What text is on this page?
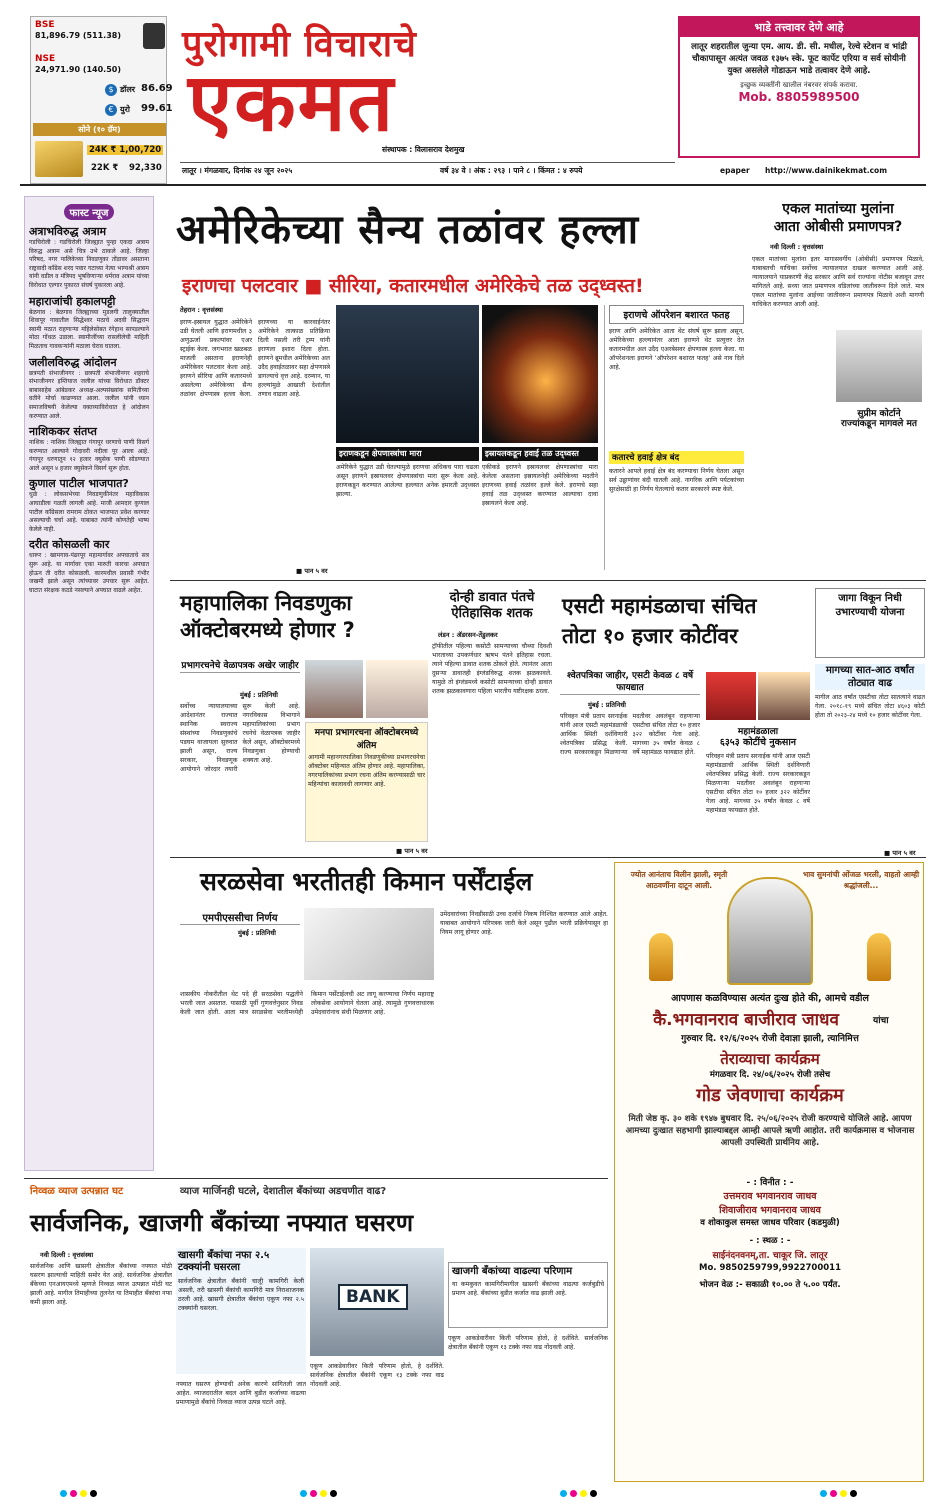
BSE
81,896.79 (511.38)
NSE
24,971.90 (140.50)
$ डॉलर 86.69
€ युरो 99.61
सोने (१० ग्रॅम)
24K ₹ 1,00,720
22K ₹ 92,330
पुरोगामी विचाराचे
एकमत
संस्थापक : विलासराव देशमुख
लातूर । मंगळवार, दिनांक २४ जून २०२५	वर्ष ३४ वे । अंक : २९३ । पाने ८ । किंमत : ४ रुपये	epaper http://www.dainikekmat.com
भाडे तत्त्वावर देणे आहे
लातूर शहरातील जुन्या एम. आय. डी. सी. मधील, रेल्वे स्टेशन व भांद्री चौकापासून अत्यंत जवळ १३७५ स्के. फूट कार्पेट एरिया व सर्व सोयीनी युक्त असलेले गोडाऊन भाडे तत्वावर देणे आहे.
इच्छुक व्यक्तींनी खालील नंबरवर संपर्क करावा.
Mob. 8805989500
फास्ट न्यूज
अत्राभविरुद्ध अत्राम

गडचिरोली : गडचिरोली जिल्ह्यात पुन्हा एकदा अत्राम विरुद्ध अत्राम असे चित्र उभे ठाकले आहे. जिल्हा परिषद, नगर पालिकेच्या निवडणुका तोंडावर असताना राष्ट्रवादी काँग्रेस शरद पवार गटाच्या नेत्या भाग्यश्री अत्राम यांनी वडील व मंत्रिपद भूषविणाऱ्या धर्मराव अत्राम यांच्या विरोधात एल्गार पुकारत संघर्ष पुकारला आहे.

महाराजांची हकालपट्टी

बेळगाव : बेळगाव जिल्ह्याच्या मुडलगी तालुक्यातील शिवापूर गावातील सिद्धेश्वर मठाचे अदवी सिद्धराम स्वामी मठात राहणाऱ्या महिलेसोबत रंगेहाथ सापडल्याने मोठा गोंधळ उडाला. स्वामीजींच्या रासलीलेची माहिती मिळताच गावकऱ्यांनी मठाला घेराव घातला.

जलीलविरुद्ध आंदोलन

छत्रपती संभाजीनगर : छत्रपती संभाजीनगर शहराचे संभाजीनगर इम्तियाज जलील यांच्या विरोधात डॉक्टर बाबासाहेब आंबेडकर अध्यक्ष-अल्पसंख्यांक समितीच्या वतीने मोर्चा काढण्यात आला. जलील यांनी ध्यान समाजविषयी केलेल्या वक्तव्याविरोधात हे आंदोलन करण्यात आले.

नाशिककर संतप्त

नाशिक : नाशिक जिल्ह्यात गंगापूर धरणाचे पाणी विसर्ग करण्यात आल्याने गोदावरी नदीला पूर आला आहे. गंगापूर धरणातून १२ हजार क्युसेक पाणी सोडण्यात आले असून ४ हजार क्युसेकने विसर्ग सुरू होता.

कुणाल पाटील भाजपात?

धुळे : लोकसभेच्या निवडणुकीनंतर महाविकास आघाडीला गळती लागली आहे. माजी आमदार कुणाल पाटील काँग्रेसला रामराम ठोकत भाजपात प्रवेश करणार असल्याची चर्चा आहे. याबाबत त्यांनी कोणतेही भाष्य केलेले नाही.

दरीत कोसळली कार

धारूर : खामगाव-पंढरपूर महामार्गावर अपघाताचे सत्र सुरू आहे. या मार्गावर एका मारुती कारचा अपघात होऊन ती दरीत कोसळली. कारमधील प्रवासी गंभीर जखमी झाले असून त्यांच्यावर उपचार सुरू आहेत. घाटात संरक्षक कठडे नसल्याने अपघात वाढले आहेत.

अमेरिकेच्या सैन्य तळांवर हल्ला
इराणचा पलटवार ■ सीरिया, कतारमधील अमेरिकेचे तळ उद्ध्वस्त!
तेहरान : वृत्तसंस्था
इराण-इस्रायल युद्धात अमेरिकेने उडी घेतली आणि इराणमधील ३ अणुऊर्जा प्रकल्पांवर एअर स्ट्राईक केला. जगभरात खळबळ माजली असताना इराणनेही अमेरिकेवर पलटवार केला आहे. इराणने सीरिया आणि कतारमध्ये असलेल्या अमेरिकेच्या सैन्य तळांवर क्षेपणास्त्र हल्ला केला. इराणच्या या कारवाईनंतर अमेरिकेने तात्काळ प्रतिक्रिया दिली नसली तरी ट्रम्प यांनी इराणला इशारा दिला होता. इराणने ब्रूमधील अमेरिकेच्या अल उदैद हवाईतळावर सहा क्षेपणास्त्रे डागल्याचे वृत्त आहे. दरम्यान, या हल्ल्यांमुळे आखाती देशांतील तणाव वाढला आहे.
■ पान ५ वर
इराणकडून क्षेपणास्त्रांचा मारा
अमेरिकेने युद्धात उडी घेतल्यामुळे इराणचा अधिकच पारा चढला असून इराणने इस्रायलवर क्षेपणास्त्रांचा मारा सुरू केला आहे. इराणकडून करण्यात आलेल्या हल्ल्यात अनेक इमारती उद्ध्वस्त झाल्या.
इस्रायलकडून हवाई तळ उद्ध्वस्त
एकीकडे इराणने इस्रायलवर क्षेपणास्त्रांचा मारा केलेला असताना इस्रायलनेही अमेरिकेच्या मदतीने इराणच्या हवाई तळांवर हल्ले केले. इराणचे सहा हवाई तळ उद्ध्वस्त करण्यात आल्याचा दावा इस्रायलने केला आहे.
इराणचे ऑपरेशन बशारत फतह
इराण आणि अमेरिकेत आता थेट संघर्ष सुरू झाला असून, अमेरिकेच्या हल्ल्यानंतर आता इराणने थेट प्रत्युत्तर देत कतारमधील अल उदैद एअरबेसवर क्षेपणास्त्र हल्ला केला. या ऑपरेशनला इराणने ‘ऑपरेशन बशारत फतह’ असे नाव दिले आहे.
कतारचे हवाई क्षेत्र बंद
कतारने आपले हवाई क्षेत्र बंद करण्याचा निर्णय घेतला असून सर्व उड्डाणांवर बंदी घातली आहे. नागरिक आणि पर्यटकांच्या सुरक्षेसाठी हा निर्णय घेतल्याचे कतार सरकारने स्पष्ट केले.
एकल मातांच्या मुलांना
आता ओबीसी प्रमाणपत्र?
नवी दिल्ली : वृत्तसंस्था
एकल मातांच्या मुलांना इतर मागासवर्गीय (ओबीसी) प्रमाणपत्र मिळावे, याबाबतची याचिका सर्वोच्च न्यायालयात दाखल करण्यात आली आहे. न्यायालयाने याप्रकरणी केंद्र सरकार आणि सर्व राज्यांना नोटीस बजावून उत्तर मागितले आहे. सध्या जात प्रमाणपत्र वडिलांच्या जातीवरून दिले जाते. मात्र एकल मातांच्या मुलांना आईच्या जातीवरून प्रमाणपत्र मिळावे अशी मागणी याचिकेत करण्यात आली आहे.
सुप्रीम कोर्टाने
राज्यांकडून मागवले मत
महापालिका निवडणुका ऑक्टोबरमध्ये होणार ?
प्रभागरचनेचे वेळापत्रक अखेर जाहीर
मुंबई : प्रतिनिधी
सर्वोच्च न्यायालयाच्या आदेशानंतर राज्यात स्थानिक स्वराज्य संस्थांच्या निवडणुकांचे पडघम वाजायला सुरुवात झाली असून, राज्य सरकार, निवडणूक आयोगाने जोरदार तयारी सुरू केली आहे. नगरविकास विभागाने महापालिकांच्या प्रभाग रचनेचे वेळापत्रक जाहीर केले असून, ऑक्टोबरमध्ये निवडणुका होण्याची शक्यता आहे.
मनपा प्रभागरचना ऑक्टोबरमध्ये अंतिम
आगामी महानगरपालिका निवडणुकीच्या प्रभागरचनेचा ऑक्टोबर महिन्यात अंतिम होणार आहे. महापालिका, नगरपालिकांच्या प्रभाग रचना अंतिम करण्यासाठी चार महिन्यांचा कालावधी लागणार आहे.
■ पान ५ वर
दोन्ही डावात पंतचे ऐतिहासिक शतक
लंडन : ॲडरसन-तेंडुलकर
ट्रॉफीतील पहिल्या कसोटी सामन्याच्या चौथ्या दिवशी भारताच्या उपकर्णधार ऋषभ पंतने इतिहास रचला. त्याने पहिल्या डावात शतक ठोकले होते. त्यानंतर आता दुसऱ्या डावातही इंग्लंडविरुद्ध शतक झळकावले. यामुळे तो इंग्लंडमध्ये कसोटी सामन्याच्या दोन्ही डावात शतक झळकावणारा पहिला भारतीय यष्टीरक्षक ठरला.
एसटी महामंडळाचा संचित
तोटा १० हजार कोटींवर
श्वेतपत्रिका जाहीर, एसटी केवळ ८ वर्षे फायद्यात
मुंबई : प्रतिनिधी
परिवहन मंत्री प्रताप सरनाईक यांनी आज एसटी महामंडळाची आर्थिक स्थिती दर्शविणारी श्वेतपत्रिका प्रसिद्ध केली. राज्य सरकारकडून मिळणाऱ्या मदतीवर अवलंबून राहणाऱ्या एसटीचा संचित तोटा १० हजार ३२२ कोटींवर गेला आहे. मागच्या ३५ वर्षांत केवळ ८ वर्षे महामंडळ फायद्यात होते.
महामंडळाला
६३५३ कोटींचे नुकसान
परिवहन मंत्री प्रताप सरनाईक यांनी आज एसटी महामंडळाची आर्थिक स्थिती दर्शविणारी श्वेतपत्रिका प्रसिद्ध केली. राज्य सरकारकडून मिळणाऱ्या मदतीवर अवलंबून राहणाऱ्या एसटीचा संचित तोटा १० हजार ३२२ कोटींवर गेला आहे. मागच्या ३५ वर्षांत केवळ ८ वर्षे महामंडळ फायद्यात होते.
जागा विकून निधी उभारण्याची योजना
मागच्या सात-आठ वर्षांत तोट्यात वाढ
मागील आठ वर्षांत एसटीचा तोटा सातत्याने वाढत गेला. २०१८-१९ मध्ये संचित तोटा ४६०३ कोटी होता तो २०२३-२४ मध्ये १० हजार कोटींवर गेला.
■ पान ५ वर
सरळसेवा भरतीतही किमान पर्सेंटाईल
एमपीएससीचा निर्णय
मुंबई : प्रतिनिधी
शासकीय नोकरीतील थेट पदे ही सरळसेवा पद्धतीने भरली जात असतात. यासाठी पूर्वी गुणवत्तेनुसार निवड केली जात होती. आता मात्र सरळसेवा भरतीमध्येही किमान पर्सेंटाईलची अट लागू करण्याचा निर्णय महाराष्ट्र लोकसेवा आयोगाने घेतला आहे. त्यामुळे गुणवत्ताधारक उमेदवारांनाच संधी मिळणार आहे.
उमेदवारांच्या निवडीसाठी उच्च दर्जाचे निकष निश्चित करण्यात आले आहेत. याबाबत आयोगाने परिपत्रक जारी केले असून पुढील भरती प्रक्रियेपासून हा नियम लागू होणार आहे.
ज्योत आनंताच विलीन झाली, स्मृती आठवणींना दाटून आली.
भाव सुमनांची ओंजळ भरली, वाहतो आम्ही श्रद्धांजली...
आपणास कळविण्यास अत्यंत दुःख होते की, आमचे वडील
कै.भगवानराव बाजीराव जाधव	यांचा
गुरुवार दि. १२/६/२०२५ रोजी देवाज्ञा झाली, त्यानिमित्त
तेराव्याचा कार्यक्रम
मंगळवार दि. २४/०६/२०२५ रोजी तसेच
गोड जेवणाचा कार्यक्रम
मिती जेष्ठ कृ. ३० शके १९४७ बुधवार दि. २५/०६/२०२५ रोजी करण्याचे योजिले आहे. आपण आमच्या दुःखात सहभागी झाल्याबद्दल आम्ही आपले ऋणी आहोत. तरी कार्यक्रमास व भोजनास आपली उपस्थिती प्रार्थनिय आहे.
- : विनीत : -
उत्तमराव भगवानराव जाधव
शिवाजीराव भगवानराव जाधव
व शोकाकुल समस्त जाधव परिवार (कडमुळी)
- : स्थळ : -
साईनंदनवनम्,ता. चाकूर जि. लातूर
Mo. 9850259799,9922700011
भोजन वेळ :- सकाळी १०.०० ते ५.०० पर्यंत.
निव्वळ व्याज उत्पन्नात घट	व्याज मार्जिनही घटले, देशातील बँकांच्या अडचणीत वाढ?
सार्वजनिक, खाजगी बँकांच्या नफ्यात घसरण
नवी दिल्ली : वृत्तसंस्था
सार्वजनिक आणि खासगी क्षेत्रातील बँकांच्या नफ्यात मोठी घसरण झाल्याची माहिती समोर येत आहे. सार्वजनिक क्षेत्रातील बँकेच्या एनआयएमध्ये म्हणजे निव्वळ व्याज उत्पन्नात मोठी घट झाली आहे. मागील तिमाहीच्या तुलनेत या तिमाहीत बँकांचा नफा कमी झाला आहे.
खासगी बँकांचा नफा २.५ टक्क्यांनी घसरला
सार्वजनिक क्षेत्रातील बँकांनी चालूी कामगिरी केली असली, तरी खासगी बँकांची कामगिरी मात्र निराशाजनक ठरली आहे. खासगी क्षेत्रातील बँकांचा एकूण नफा २.५ टक्क्यांनी घसरला.
नफ्यात घसरण होण्याची अनेक कारणे सांगितली जात आहेत. व्याजदरातील बदल आणि बुडीत कर्जाच्या वाढत्या प्रमाणामुळे बँकांचे निव्वळ व्याज उत्पन्न घटले आहे.
BANK
एकूण आकडेवारीवर किती परिणाम होतो, हे दर्शविते. सार्वजनिक क्षेत्रातील बँकांनी एकूण १३ टक्के नफा वाढ नोंदवली आहे.
खाजगी बँकांच्या वाढल्या परिणाम
या कमकुवत कामगिरीमागील खासगी बँकांच्या वाढत्या कर्जबुडीचे प्रमाण आहे. बँकांच्या बुडीत कर्जात वाढ झाली आहे.
एकूण आकडेवारीवर किती परिणाम होतो, हे दर्शविते. सार्वजनिक क्षेत्रातील बँकांनी एकूण १३ टक्के नफा वाढ नोंदवली आहे.
